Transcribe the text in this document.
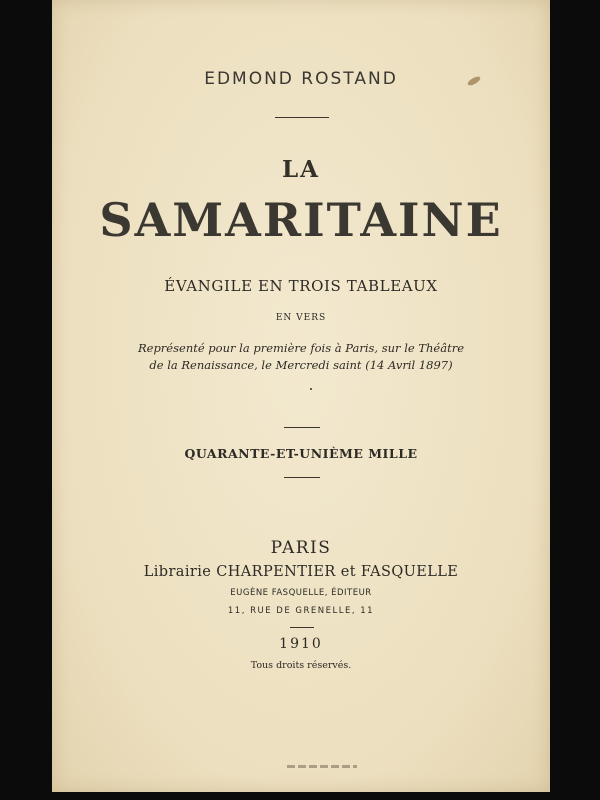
EDMOND ROSTAND
LA
SAMARITAINE
ÉVANGILE EN TROIS TABLEAUX
EN VERS
Représenté pour la première fois à Paris, sur le Théâtre
de la Renaissance, le Mercredi saint (14 Avril 1897)
QUARANTE-ET-UNIÈME MILLE
PARIS
Librairie CHARPENTIER et FASQUELLE
EUGÈNE FASQUELLE, ÉDITEUR
11, RUE DE GRENELLE, 11
1910
Tous droits réservés.
